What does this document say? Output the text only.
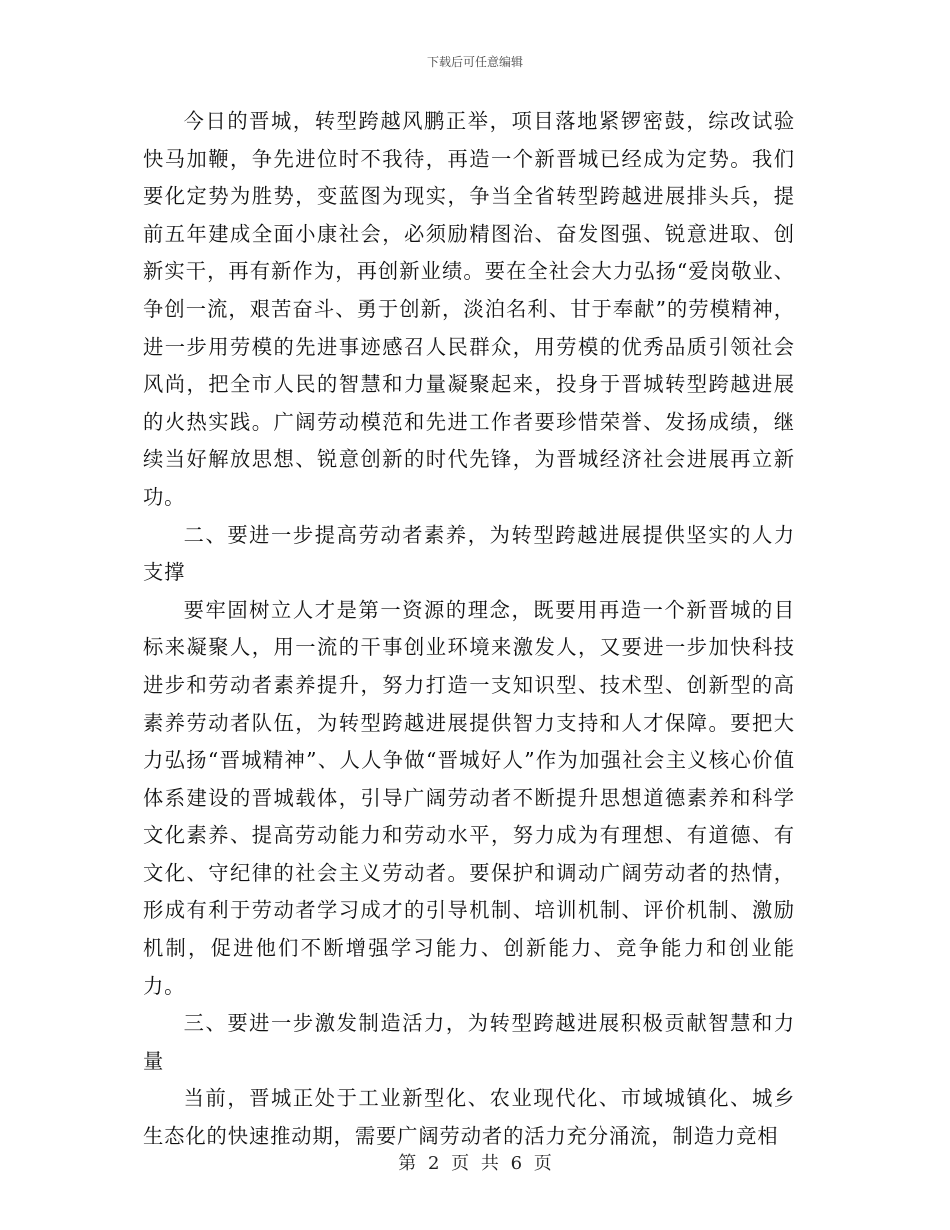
下载后可任意编辑

今日的晋城，转型跨越风鹏正举，项目落地紧锣密鼓，综改试验快马加鞭，争先进位时不我待，再造一个新晋城已经成为定势。我们要化定势为胜势，变蓝图为现实，争当全省转型跨越进展排头兵，提前五年建成全面小康社会，必须励精图治、奋发图强、锐意进取、创新实干，再有新作为，再创新业绩。要在全社会大力弘扬“爱岗敬业、争创一流，艰苦奋斗、勇于创新，淡泊名利、甘于奉献”的劳模精神，进一步用劳模的先进事迹感召人民群众，用劳模的优秀品质引领社会风尚，把全市人民的智慧和力量凝聚起来，投身于晋城转型跨越进展的火热实践。广阔劳动模范和先进工作者要珍惜荣誉、发扬成绩，继续当好解放思想、锐意创新的时代先锋，为晋城经济社会进展再立新功。

二、要进一步提高劳动者素养，为转型跨越进展提供坚实的人力支撑

要牢固树立人才是第一资源的理念，既要用再造一个新晋城的目标来凝聚人，用一流的干事创业环境来激发人，又要进一步加快科技进步和劳动者素养提升，努力打造一支知识型、技术型、创新型的高素养劳动者队伍，为转型跨越进展提供智力支持和人才保障。要把大力弘扬“晋城精神”、人人争做“晋城好人”作为加强社会主义核心价值体系建设的晋城载体，引导广阔劳动者不断提升思想道德素养和科学文化素养、提高劳动能力和劳动水平，努力成为有理想、有道德、有文化、守纪律的社会主义劳动者。要保护和调动广阔劳动者的热情，形成有利于劳动者学习成才的引导机制、培训机制、评价机制、激励机制，促进他们不断增强学习能力、创新能力、竞争能力和创业能力。

三、要进一步激发制造活力，为转型跨越进展积极贡献智慧和力量

当前，晋城正处于工业新型化、农业现代化、市域城镇化、城乡生态化的快速推动期，需要广阔劳动者的活力充分涌流，制造力竞相

第 2 页 共 6 页
